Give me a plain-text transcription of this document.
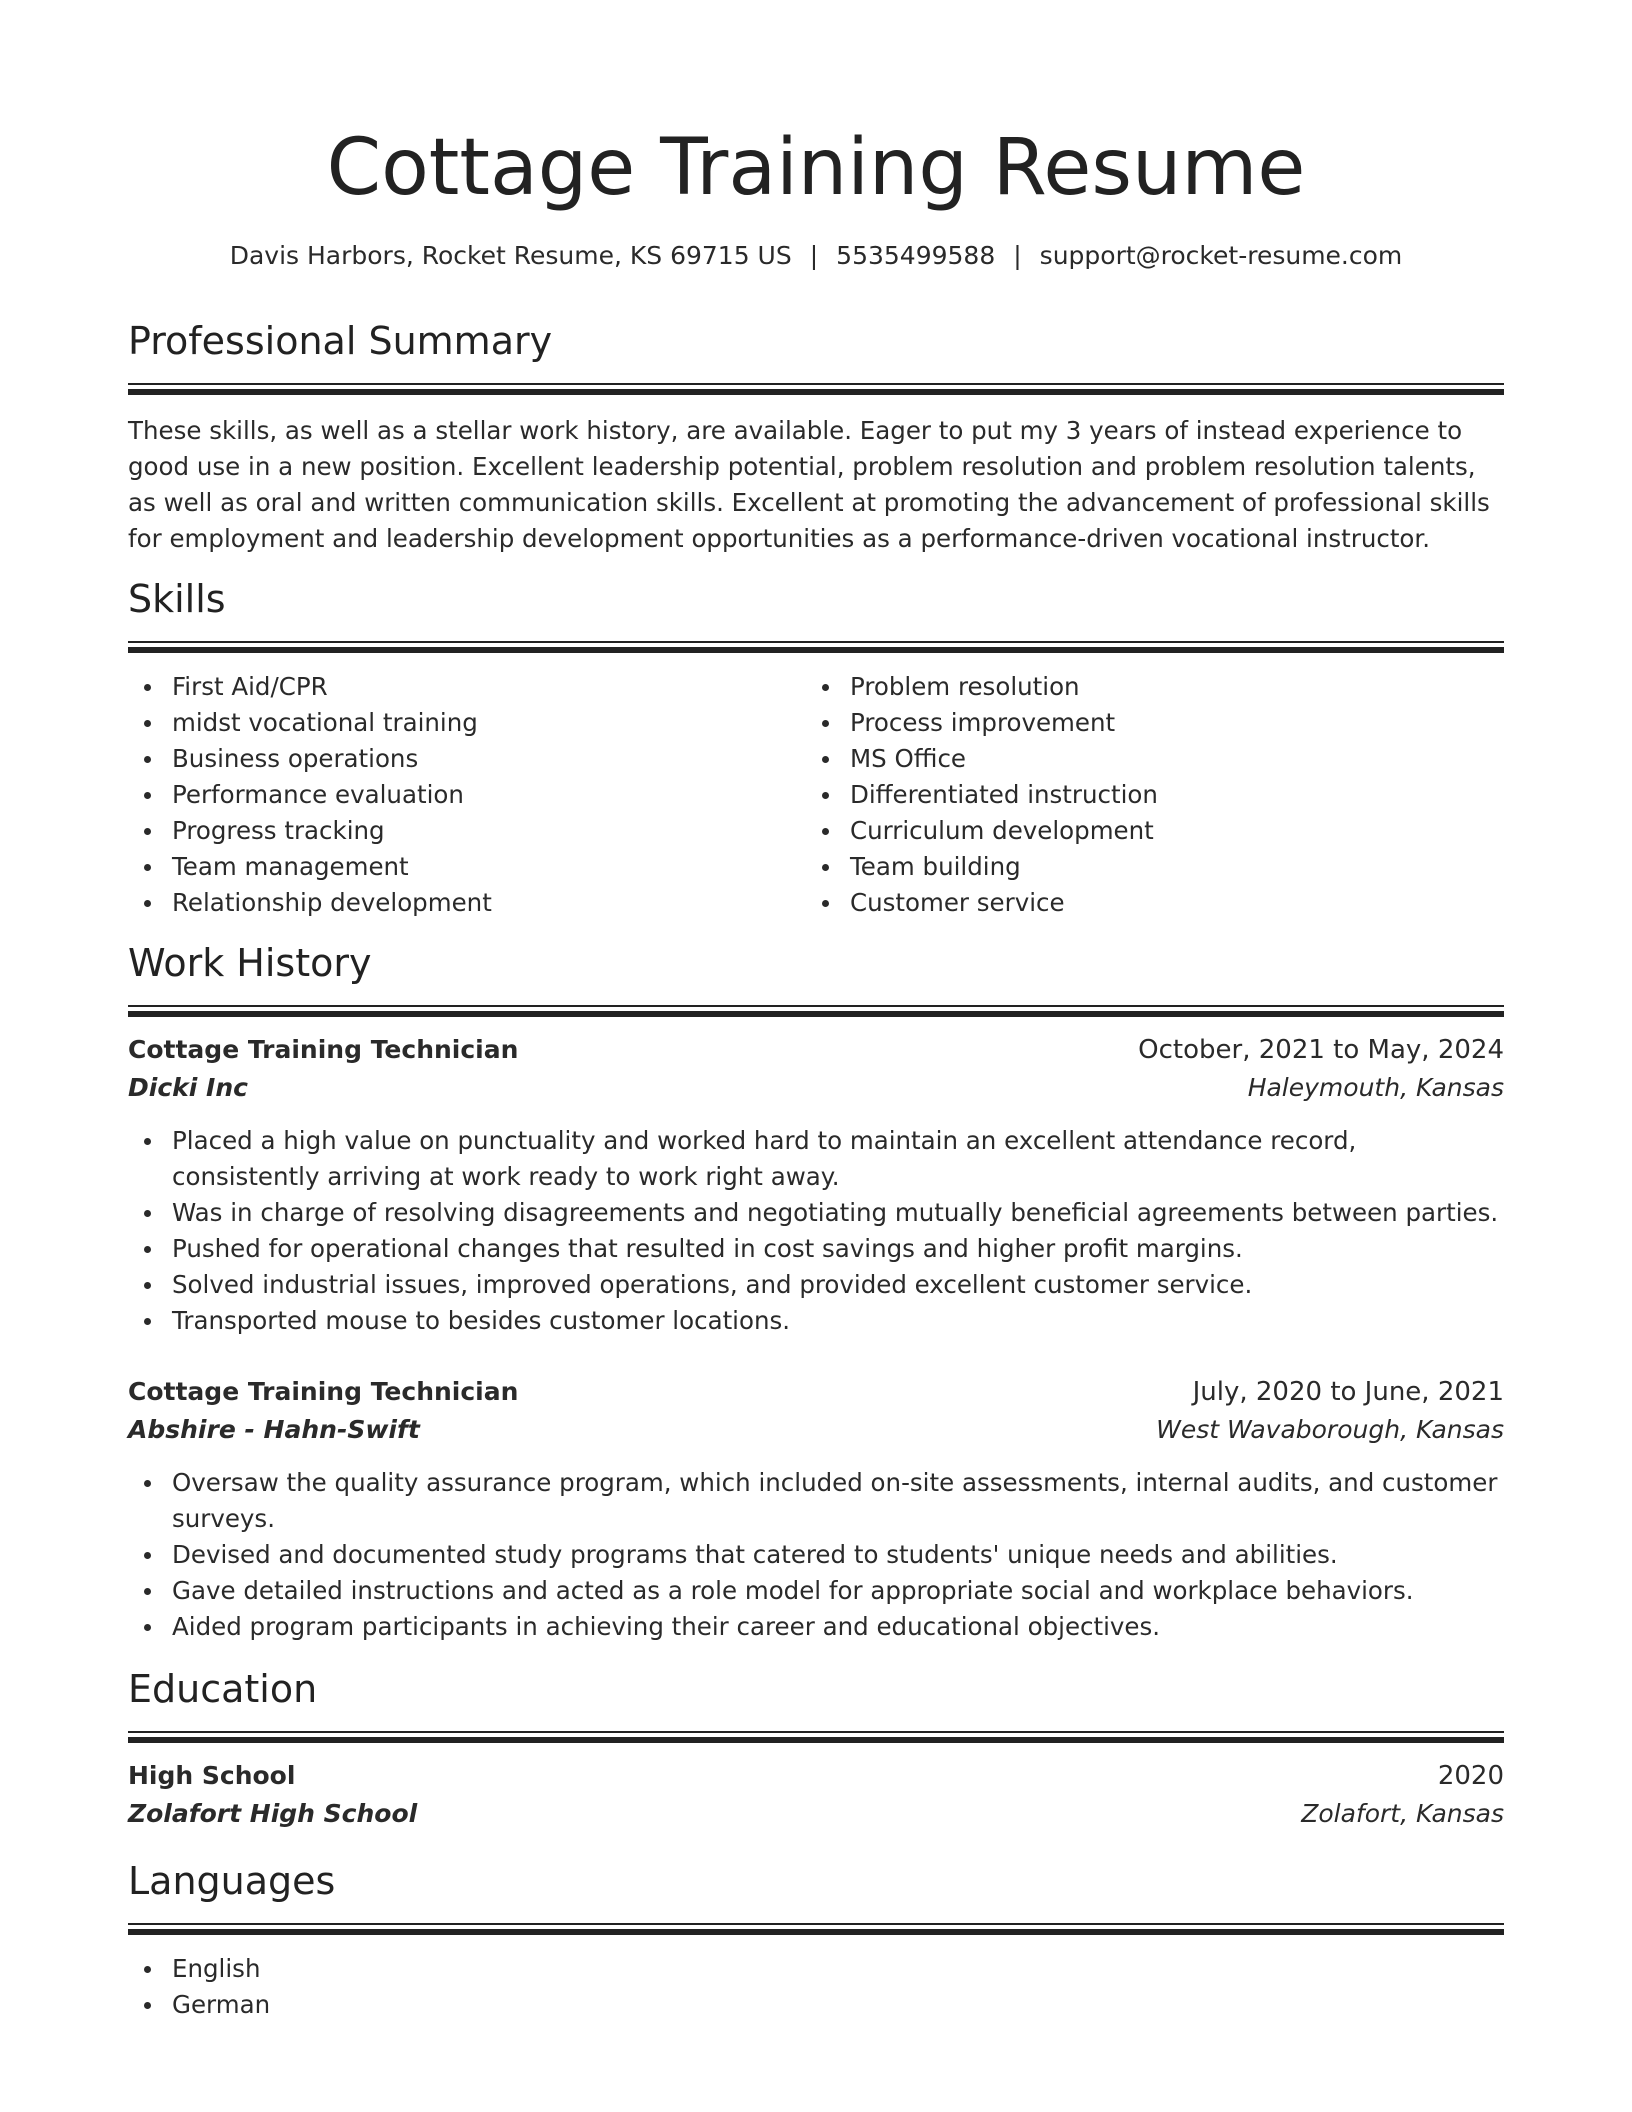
Cottage Training Resume
Davis Harbors, Rocket Resume, KS 69715 US | 5535499588 | support@rocket-resume.com
Professional Summary

These skills, as well as a stellar work history, are available. Eager to put my 3 years of instead experience to good use in a new position. Excellent leadership potential, problem resolution and problem resolution talents, as well as oral and written communication skills. Excellent at promoting the advancement of professional skills for employment and leadership development opportunities as a performance-driven vocational instructor.

Skills
First Aid/CPR
midst vocational training
Business operations
Performance evaluation
Progress tracking
Team management
Relationship development
Problem resolution
Process improvement
MS Office
Differentiated instruction
Curriculum development
Team building
Customer service
Work History
Cottage Training Technician	October, 2021 to May, 2024
Dicki Inc	Haleymouth, Kansas
Placed a high value on punctuality and worked hard to maintain an excellent attendance record, consistently arriving at work ready to work right away.
Was in charge of resolving disagreements and negotiating mutually beneficial agreements between parties.
Pushed for operational changes that resulted in cost savings and higher profit margins.
Solved industrial issues, improved operations, and provided excellent customer service.
Transported mouse to besides customer locations.
Cottage Training Technician	July, 2020 to June, 2021
Abshire - Hahn-Swift	West Wavaborough, Kansas
Oversaw the quality assurance program, which included on-site assessments, internal audits, and customer surveys.
Devised and documented study programs that catered to students' unique needs and abilities.
Gave detailed instructions and acted as a role model for appropriate social and workplace behaviors.
Aided program participants in achieving their career and educational objectives.
Education
High School	2020
Zolafort High School	Zolafort, Kansas
Languages
English
German
